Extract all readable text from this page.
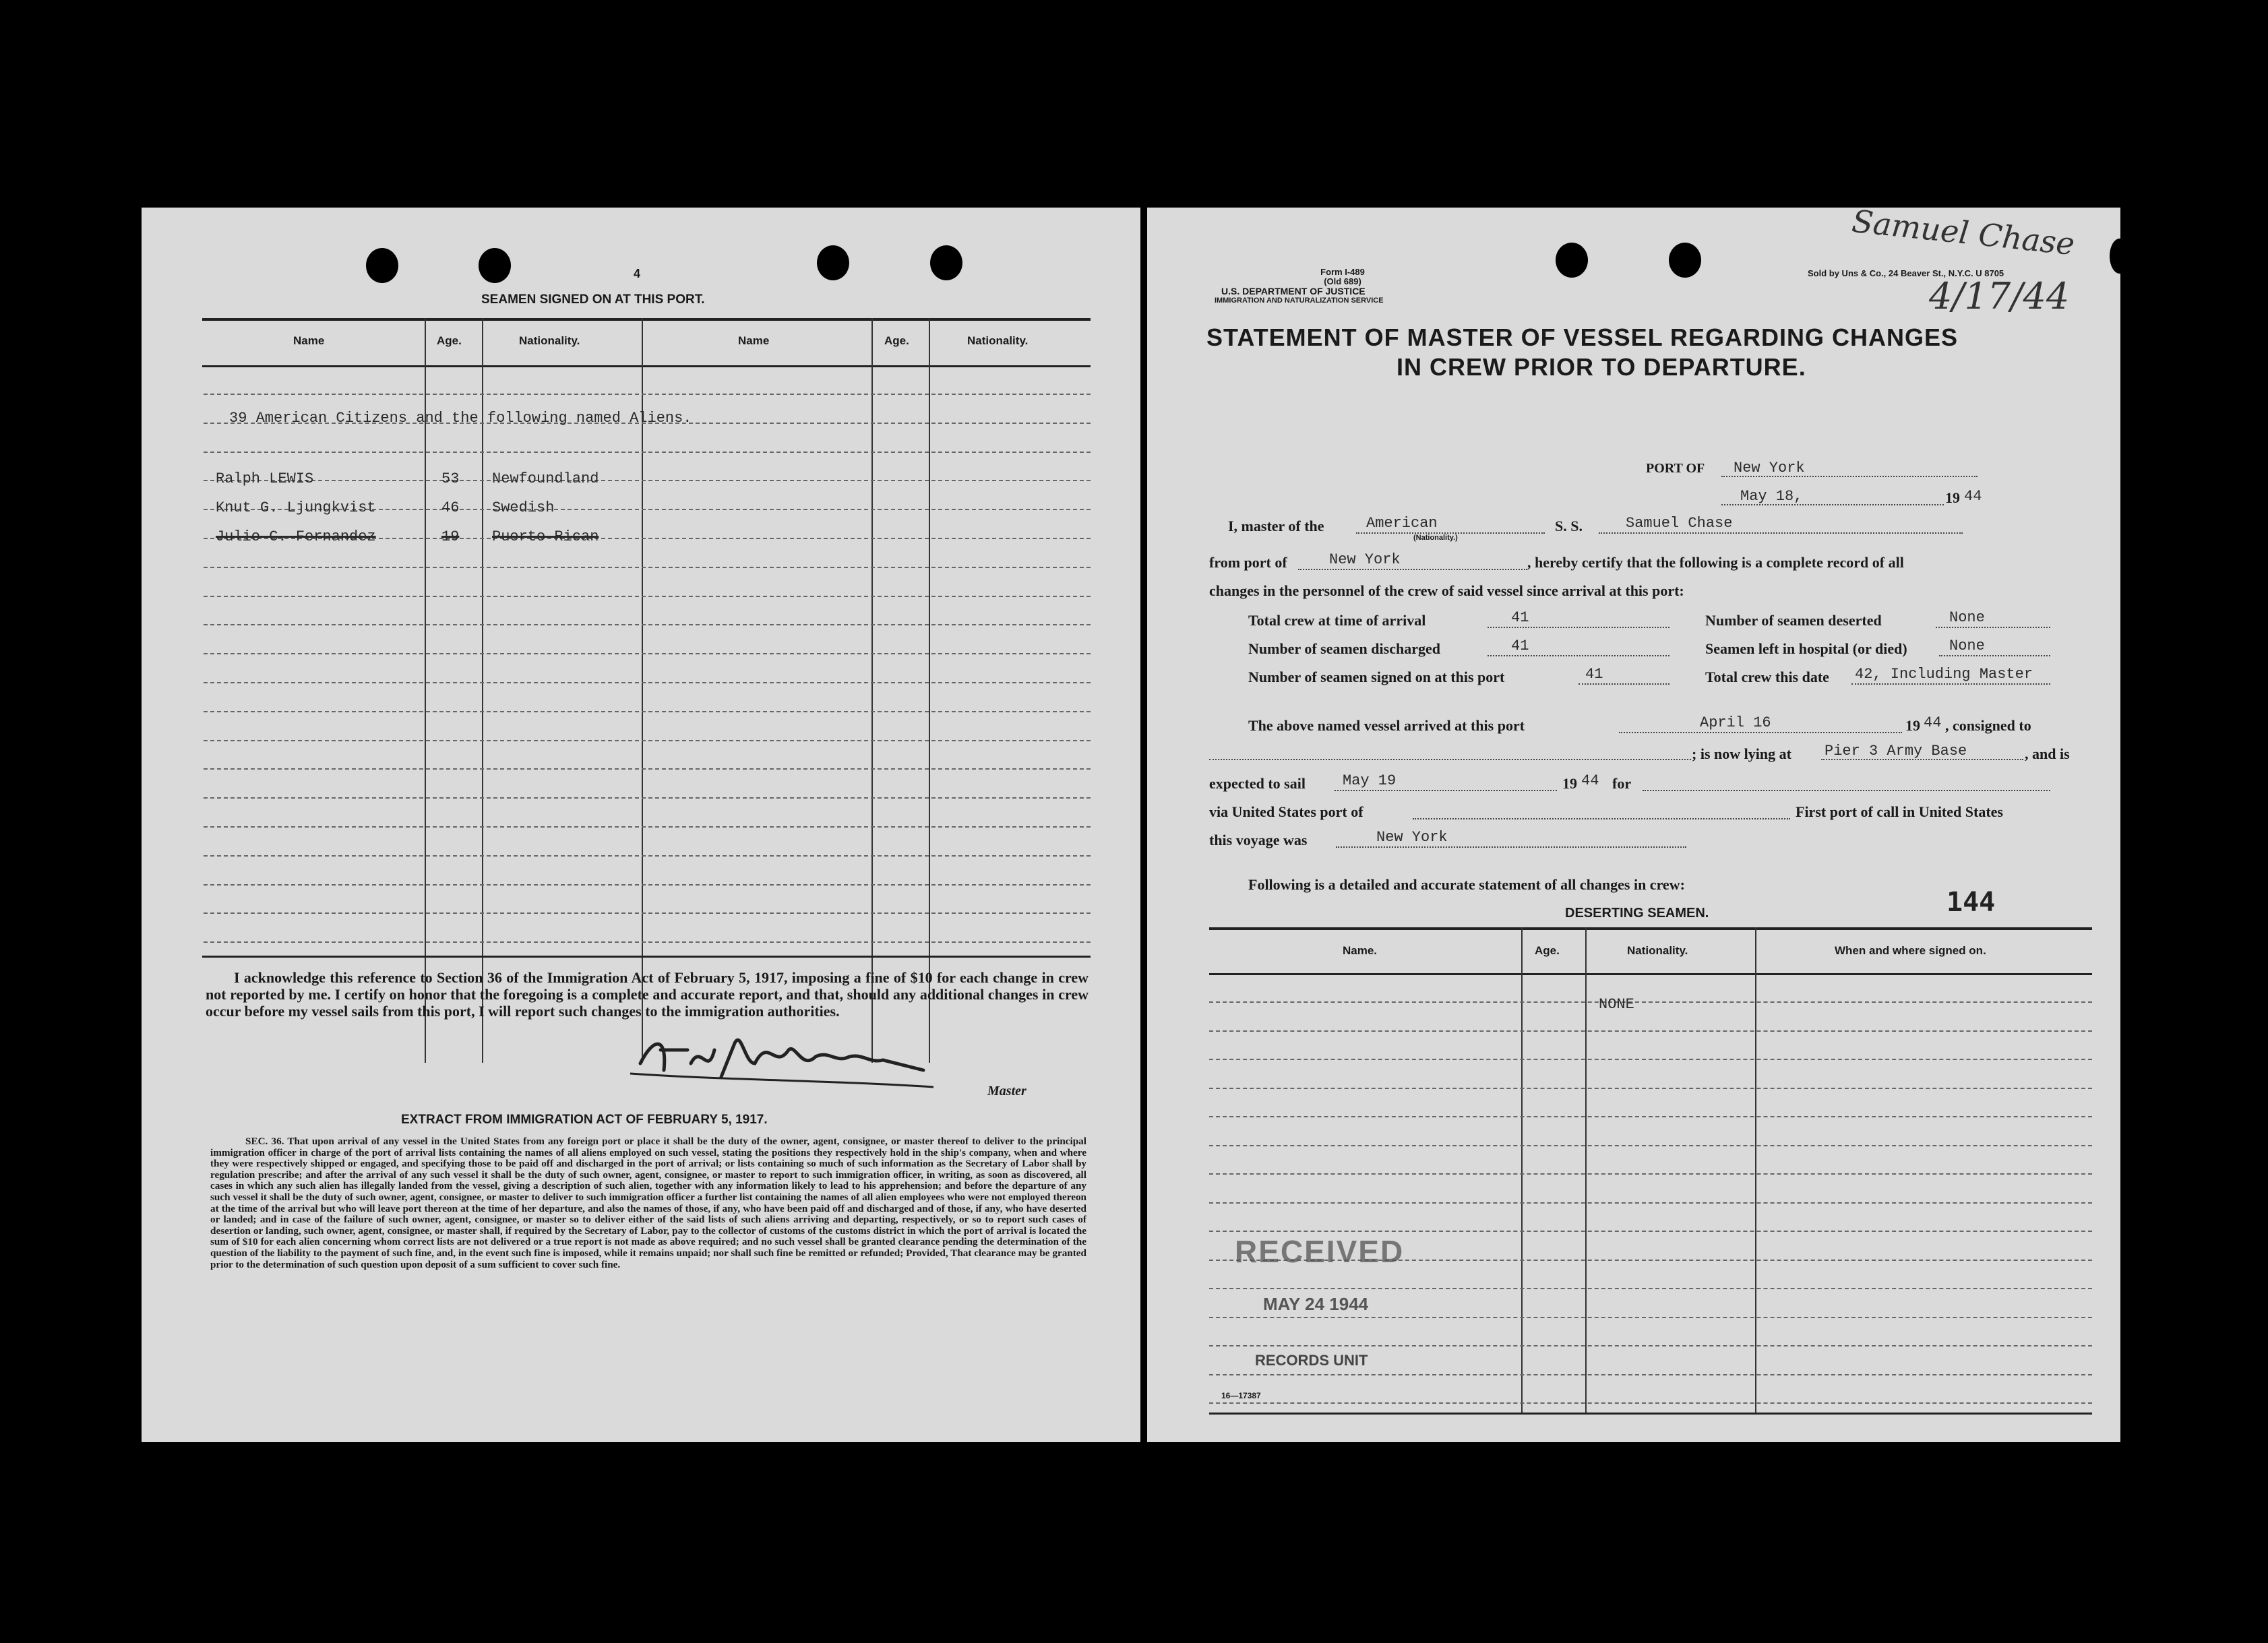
4
SEAMEN SIGNED ON AT THIS PORT.
Name	Age.	Nationality.	Name	Age.	Nationality.
39 American Citizens and the following named Aliens.
Ralph LEWIS	53 Newfoundland
Knut G. Ljungkvist	46 Swedish
Julio C. Fernandez	19 Puerto Rican
I acknowledge this reference to Section 36 of the Immigration Act of February 5, 1917, imposing a fine of $10 for each change in crew not reported by me. I certify on honor that the foregoing is a complete and accurate report, and that, should any additional changes in crew occur before my vessel sails from this port, I will report such changes to the immigration authorities.
Master
EXTRACT FROM IMMIGRATION ACT OF FEBRUARY 5, 1917.
SEC. 36. That upon arrival of any vessel in the United States from any foreign port or place it shall be the duty of the owner, agent, consignee, or master thereof to deliver to the principal immigration officer in charge of the port of arrival lists containing the names of all aliens employed on such vessel, stating the positions they respectively hold in the ship's company, when and where they were respectively shipped or engaged, and specifying those to be paid off and discharged in the port of arrival; or lists containing so much of such information as the Secretary of Labor shall by regulation prescribe; and after the arrival of any such vessel it shall be the duty of such owner, agent, consignee, or master to report to such immigration officer, in writing, as soon as discovered, all cases in which any such alien has illegally landed from the vessel, giving a description of such alien, together with any information likely to lead to his apprehension; and before the departure of any such vessel it shall be the duty of such owner, agent, consignee, or master to deliver to such immigration officer a further list containing the names of all alien employees who were not employed thereon at the time of the arrival but who will leave port thereon at the time of her departure, and also the names of those, if any, who have been paid off and discharged and of those, if any, who have deserted or landed; and in case of the failure of such owner, agent, consignee, or master so to deliver either of the said lists of such aliens arriving and departing, respectively, or so to report such cases of desertion or landing, such owner, agent, consignee, or master shall, if required by the Secretary of Labor, pay to the collector of customs of the customs district in which the port of arrival is located the sum of $10 for each alien concerning whom correct lists are not delivered or a true report is not made as above required; and no such vessel shall be granted clearance pending the determination of the question of the liability to the payment of such fine, and, in the event such fine is imposed, while it remains unpaid; nor shall such fine be remitted or refunded; Provided, That clearance may be granted prior to the determination of such question upon deposit of a sum sufficient to cover such fine.
Form I-489
(Old 689)
U.S. DEPARTMENT OF JUSTICE
IMMIGRATION AND NATURALIZATION SERVICE
Sold by Uns & Co., 24 Beaver St., N.Y.C. U 8705
Samuel Chase
4/17/44
STATEMENT OF MASTER OF VESSEL REGARDING CHANGES
IN CREW PRIOR TO DEPARTURE.
PORT OF New York
May 18,	19 44
I, master of the	American
(Nationality.)
S. S.	Samuel Chase
from port of	New York	, hereby certify that the following is a complete record of all
changes in the personnel of the crew of said vessel since arrival at this port:
Total crew at time of arrival	41	Number of seamen deserted	None
Number of seamen discharged	41	Seamen left in hospital (or died)	None
Number of seamen signed on at this port	41	Total crew this date 42, Including Master
The above named vessel arrived at this port	April 16	19 44 , consigned to
; is now lying at Pier 3 Army Base	, and is
expected to sail	May 19	19 44 for
via United States port of	First port of call in United States
this voyage was	New York
Following is a detailed and accurate statement of all changes in crew:
DESERTING SEAMEN.	144
Name.	Age.	Nationality.	When and where signed on.
NONE
RECEIVED
MAY 24 1944
RECORDS UNIT
16—17387
